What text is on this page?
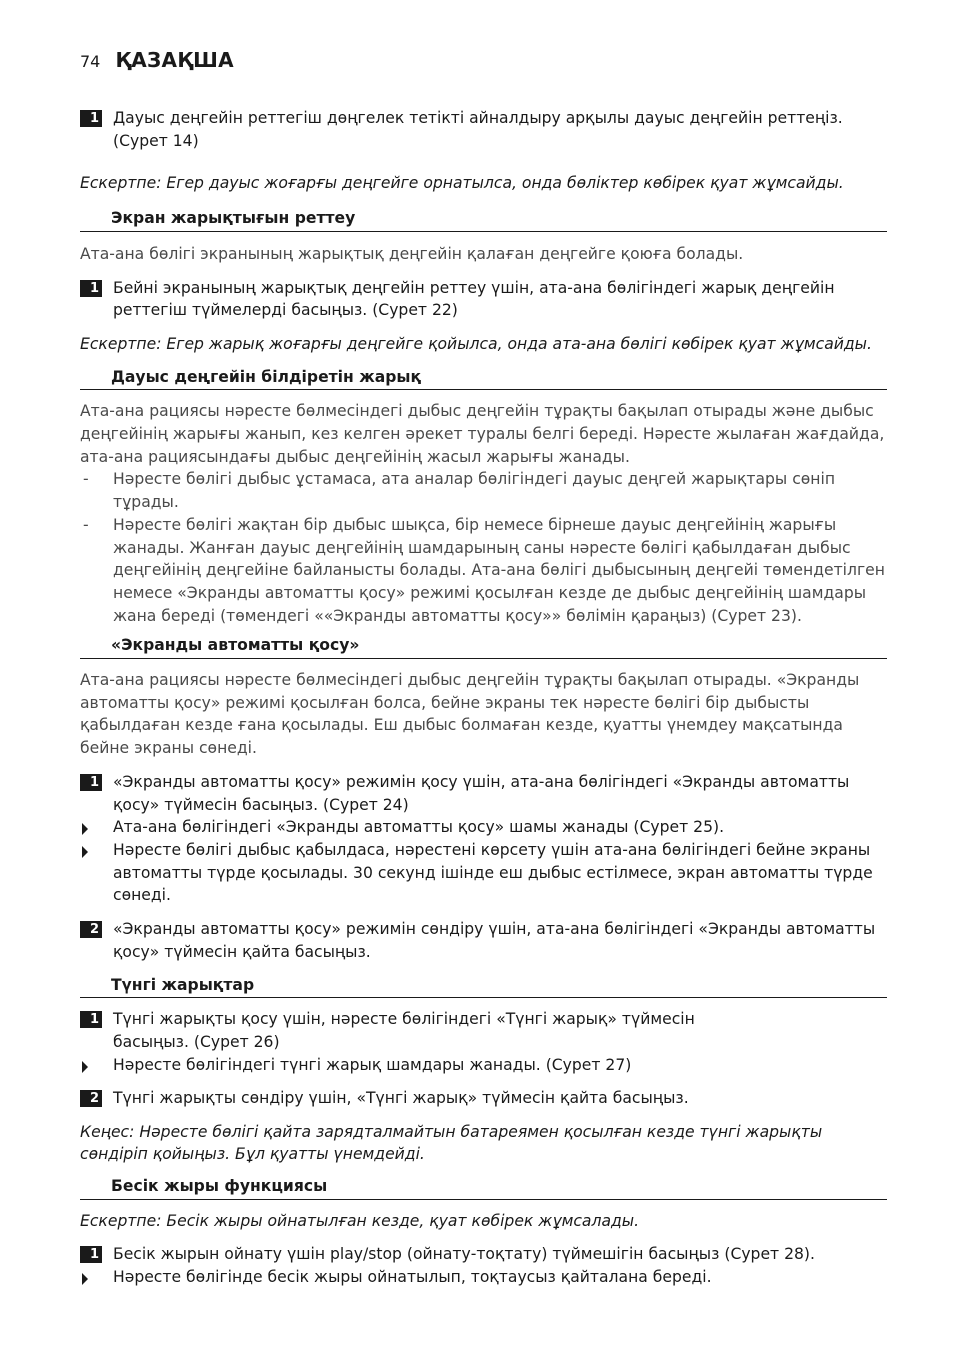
74 ҚАЗАҚША
1 Дауыс деңгейін реттегіш дөңгелек тетікті айналдыру арқылы дауыс деңгейін реттеңіз. (Сурет 14)

Ескертпе: Егер дауыс жоғарғы деңгейге орнатылса, онда бөліктер көбірек қуат жұмсайды.

Экран жарықтығын реттеу

Ата-ана бөлігі экранының жарықтық деңгейін қалаған деңгейге қоюға болады.

1 Бейні экранының жарықтық деңгейін реттеу үшін, ата-ана бөлігіндегі жарық деңгейін реттегіш түймелерді басыңыз. (Сурет 22)

Ескертпе: Егер жарық жоғарғы деңгейге қойылса, онда ата-ана бөлігі көбірек қуат жұмсайды.

Дауыс деңгейін білдіретін жарық

Ата-ана рациясы нәресте бөлмесіндегі дыбыс деңгейін тұрақты бақылап отырады және дыбыс деңгейінің жарығы жанып, кез келген әрекет туралы белгі береді. Нәресте жылаған жағдайда, ата-ана рациясындағы дыбыс деңгейінің жасыл жарығы жанады.

- Нәресте бөлігі дыбыс ұстамаса, ата аналар бөлігіндегі дауыс деңгей жарықтары сөніп тұрады.
- Нәресте бөлігі жақтан бір дыбыс шықса, бір немесе бірнеше дауыс деңгейінің жарығы жанады. Жанған дауыс деңгейінің шамдарының саны нәресте бөлігі қабылдаған дыбыс деңгейінің деңгейіне байланысты болады. Ата-ана бөлігі дыбысының деңгейі төмендетілген немесе «Экранды автоматты қосу» режимі қосылған кезде де дыбыс деңгейінің шамдары жана береді (төмендегі ««Экранды автоматты қосу»» бөлімін қараңыз) (Сурет 23).
«Экранды автоматты қосу»

Ата-ана рациясы нәресте бөлмесіндегі дыбыс деңгейін тұрақты бақылап отырады. «Экранды автоматты қосу» режимі қосылған болса, бейне экраны тек нәресте бөлігі бір дыбысты қабылдаған кезде ғана қосылады. Еш дыбыс болмаған кезде, қуатты үнемдеу мақсатында бейне экраны сөнеді.

1 «Экранды автоматты қосу» режимін қосу үшін, ата-ана бөлігіндегі «Экранды автоматты қосу» түймесін басыңыз. (Сурет 24)
Ата-ана бөлігіндегі «Экранды автоматты қосу» шамы жанады (Сурет 25).
Нәресте бөлігі дыбыс қабылдаса, нәрестені көрсету үшін ата-ана бөлігіндегі бейне экраны автоматты түрде қосылады. 30 секунд ішінде еш дыбыс естілмесе, экран автоматты түрде сөнеді.
2 «Экранды автоматты қосу» режимін сөндіру үшін, ата-ана бөлігіндегі «Экранды автоматты қосу» түймесін қайта басыңыз.
Түнгі жарықтар
1 Түнгі жарықты қосу үшін, нәресте бөлігіндегі «Түнгі жарық» түймесін
басыңыз. (Сурет 26)
Нәресте бөлігіндегі түнгі жарық шамдары жанады. (Сурет 27)
2 Түнгі жарықты сөндіру үшін, «Түнгі жарық» түймесін қайта басыңыз.

Кеңес: Нәресте бөлігі қайта зарядталмайтын батареямен қосылған кезде түнгі жарықты сөндіріп қойыңыз. Бұл қуатты үнемдейді.

Бесік жыры функциясы

Ескертпе: Бесік жыры ойнатылған кезде, қуат көбірек жұмсалады.

1 Бесік жырын ойнату үшін play/stop (ойнату-тоқтату) түймешігін басыңыз (Сурет 28).
Нәресте бөлігінде бесік жыры ойнатылып, тоқтаусыз қайталана береді.
